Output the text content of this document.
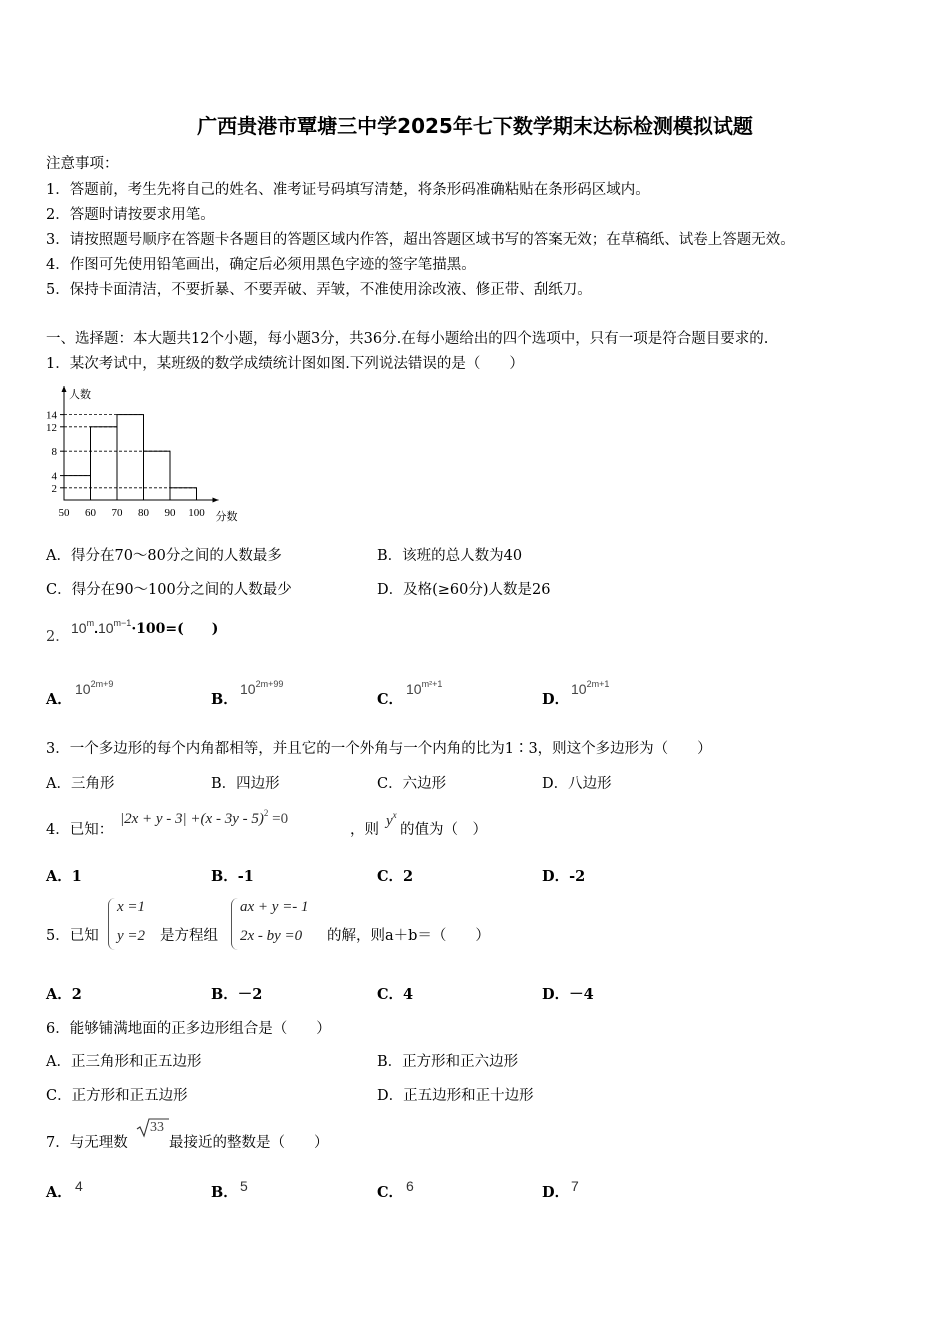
广西贵港市覃塘三中学2025年七下数学期末达标检测模拟试题
注意事项：
1．答题前，考生先将自己的姓名、准考证号码填写清楚，将条形码准确粘贴在条形码区域内。
2．答题时请按要求用笔。
3．请按照题号顺序在答题卡各题目的答题区域内作答，超出答题区域书写的答案无效；在草稿纸、试卷上答题无效。
4．作图可先使用铅笔画出，确定后必须用黑色字迹的签字笔描黑。
5．保持卡面清洁，不要折暴、不要弄破、弄皱，不准使用涂改液、修正带、刮纸刀。
一、选择题：本大题共12个小题，每小题3分，共36分.在每小题给出的四个选项中，只有一项是符合题目要求的.
1．某次考试中，某班级的数学成绩统计图如图.下列说法错误的是（　　）
2
4
8
12
14
50 60 70 80 90 100
人数
分数
A．得分在70～80分之间的人数最多	B．该班的总人数为40
C．得分在90～100分之间的人数最少	D．及格(≥60分)人数是26
2．
$10^m.10^{m-1}\cdot 100=$(　　)
A．
$10^{2m+9}$
B．
$10^{2m+99}$
C．
$10^{m^2+1}$
D．
$10^{2m+1}$
3．一个多边形的每个内角都相等，并且它的一个外角与一个内角的比为1∶3，则这个多边形为（　　）
A．三角形	B．四边形	C．六边形	D．八边形
4．已知：
|2x + y - 3| +(x - 3y - 5)$^2$ =0
，则
$y^x$
的值为（　）
A．1	B．-1	C．2	D．-2
5．已知
x =1
y =2 是方程组
ax + y =- 1
2x - by =0 的解，则a＋b＝（　　）
A．2	B．－2	C．4	D．－4
6．能够铺满地面的正多边形组合是（　　）
A．正三角形和正五边形	B．正方形和正六边形
C．正方形和正五边形	D．正五边形和正十边形
7．与无理数
33
最接近的整数是（　　）
A． 4	B． 5	C． 6	D． 7
